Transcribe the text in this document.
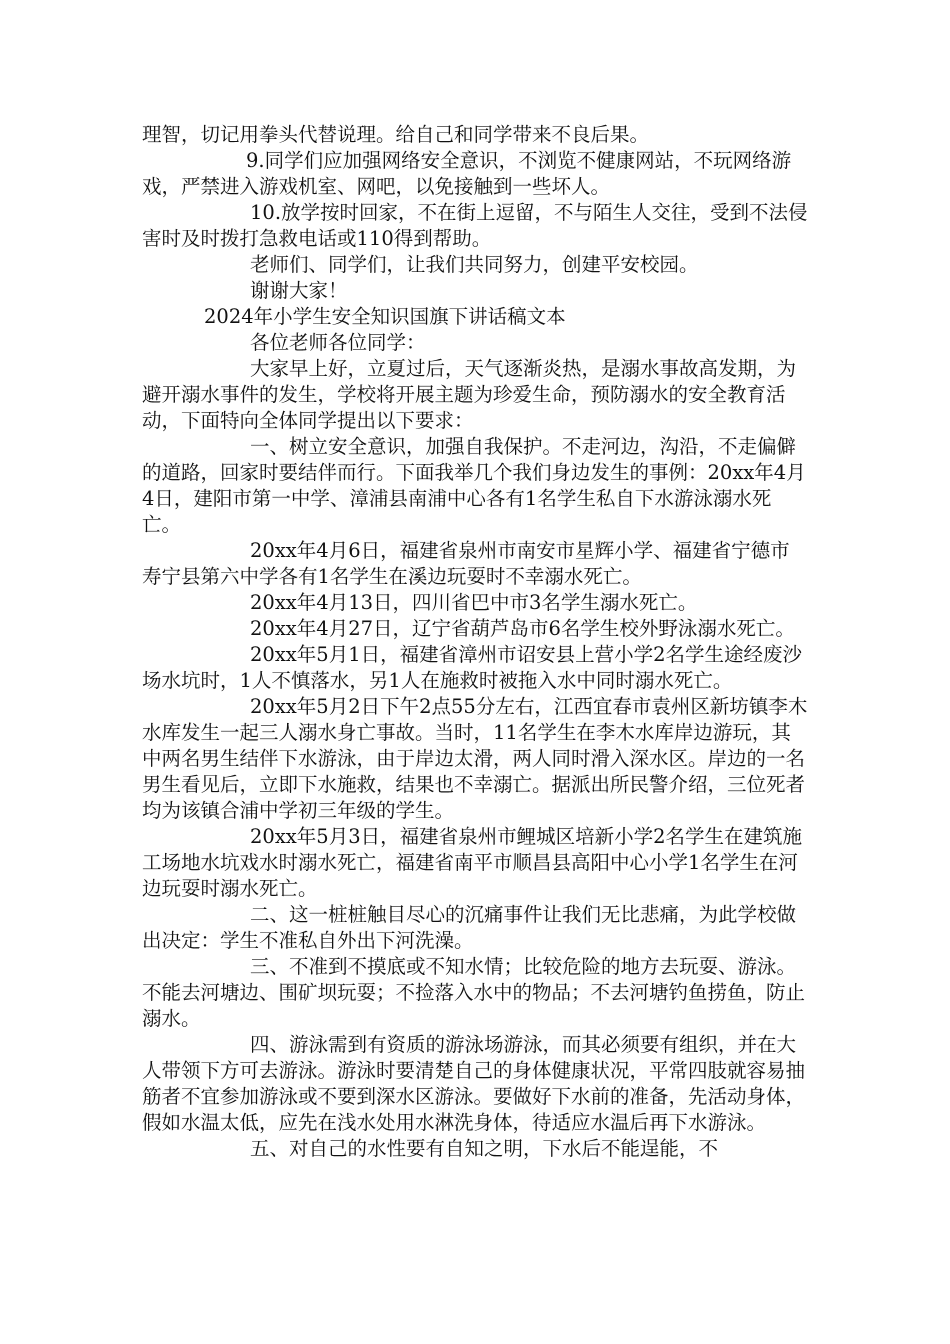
理智，切记用拳头代替说理。给自己和同学带来不良后果。

9.同学们应加强网络安全意识，不浏览不健康网站，不玩网络游戏，严禁进入游戏机室、网吧，以免接触到一些坏人。

10.放学按时回家，不在街上逗留，不与陌生人交往，受到不法侵害时及时拨打急救电话或110得到帮助。

老师们、同学们，让我们共同努力，创建平安校园。

谢谢大家！

2024年小学生安全知识国旗下讲话稿文本

各位老师各位同学：

大家早上好，立夏过后，天气逐渐炎热，是溺水事故高发期，为避开溺水事件的发生，学校将开展主题为珍爱生命，预防溺水的安全教育活动，下面特向全体同学提出以下要求：

一、树立安全意识，加强自我保护。不走河边，沟沿，不走偏僻的道路，回家时要结伴而行。下面我举几个我们身边发生的事例：20xx年4月4日，建阳市第一中学、漳浦县南浦中心各有1名学生私自下水游泳溺水死亡。

20xx年4月6日，福建省泉州市南安市星辉小学、福建省宁德市寿宁县第六中学各有1名学生在溪边玩耍时不幸溺水死亡。

20xx年4月13日，四川省巴中市3名学生溺水死亡。

20xx年4月27日，辽宁省葫芦岛市6名学生校外野泳溺水死亡。

20xx年5月1日，福建省漳州市诏安县上营小学2名学生途经废沙场水坑时，1人不慎落水，另1人在施救时被拖入水中同时溺水死亡。

20xx年5月2日下午2点55分左右，江西宜春市袁州区新坊镇李木水库发生一起三人溺水身亡事故。当时，11名学生在李木水库岸边游玩，其中两名男生结伴下水游泳，由于岸边太滑，两人同时滑入深水区。岸边的一名男生看见后，立即下水施救，结果也不幸溺亡。据派出所民警介绍，三位死者均为该镇合浦中学初三年级的学生。

20xx年5月3日，福建省泉州市鲤城区培新小学2名学生在建筑施工场地水坑戏水时溺水死亡，福建省南平市顺昌县高阳中心小学1名学生在河边玩耍时溺水死亡。

二、这一桩桩触目尽心的沉痛事件让我们无比悲痛，为此学校做出决定：学生不准私自外出下河洗澡。

三、不准到不摸底或不知水情；比较危险的地方去玩耍、游泳。不能去河塘边、围矿坝玩耍；不捡落入水中的物品；不去河塘钓鱼捞鱼，防止溺水。

四、游泳需到有资质的游泳场游泳，而其必须要有组织，并在大人带领下方可去游泳。游泳时要清楚自己的身体健康状况，平常四肢就容易抽筋者不宜参加游泳或不要到深水区游泳。要做好下水前的准备，先活动身体，假如水温太低，应先在浅水处用水淋洗身体，待适应水温后再下水游泳。

五、对自己的水性要有自知之明，下水后不能逞能，不
